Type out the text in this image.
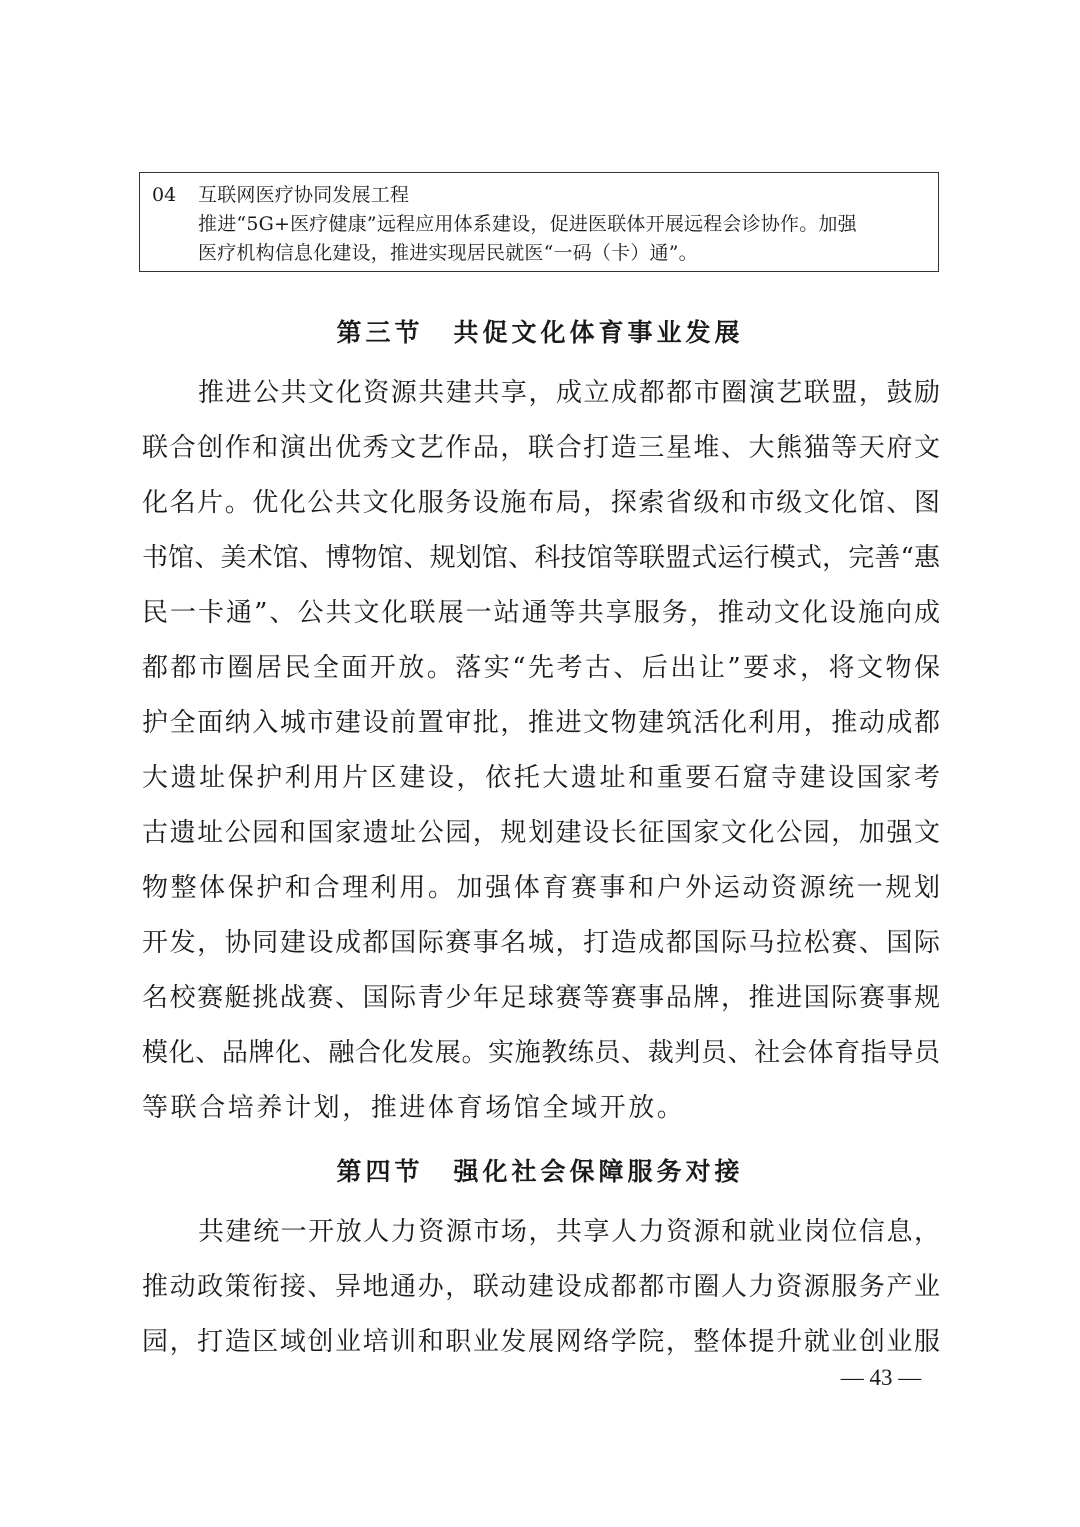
04	互联网医疗协同发展工程
推进“5G+医疗健康”远程应用体系建设，促进医联体开展远程会诊协作。加强
医疗机构信息化建设，推进实现居民就医“一码（卡）通”。
第三节 共促文化体育事业发展
推进公共文化资源共建共享，成立成都都市圈演艺联盟，鼓励
联合创作和演出优秀文艺作品，联合打造三星堆、大熊猫等天府文
化名片。优化公共文化服务设施布局，探索省级和市级文化馆、图
书馆、美术馆、博物馆、规划馆、科技馆等联盟式运行模式，完善“惠
民一卡通”、公共文化联展一站通等共享服务，推动文化设施向成
都都市圈居民全面开放。落实“先考古、后出让”要求，将文物保
护全面纳入城市建设前置审批，推进文物建筑活化利用，推动成都
大遗址保护利用片区建设，依托大遗址和重要石窟寺建设国家考
古遗址公园和国家遗址公园，规划建设长征国家文化公园，加强文
物整体保护和合理利用。加强体育赛事和户外运动资源统一规划
开发，协同建设成都国际赛事名城，打造成都国际马拉松赛、国际
名校赛艇挑战赛、国际青少年足球赛等赛事品牌，推进国际赛事规
模化、品牌化、融合化发展。实施教练员、裁判员、社会体育指导员
等联合培养计划，推进体育场馆全域开放。
第四节 强化社会保障服务对接
共建统一开放人力资源市场，共享人力资源和就业岗位信息，
推动政策衔接、异地通办，联动建设成都都市圈人力资源服务产业
园，打造区域创业培训和职业发展网络学院，整体提升就业创业服
— 43 —
